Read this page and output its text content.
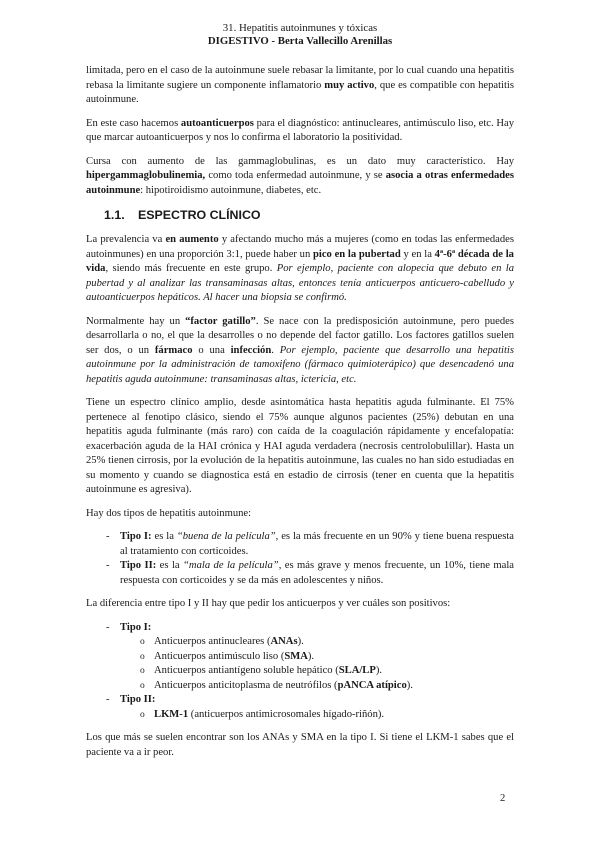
31. Hepatitis autoinmunes y tóxicas
DIGESTIVO - Berta Vallecillo Arenillas

limitada, pero en el caso de la autoinmune suele rebasar la limitante, por lo cual cuando una hepatitis rebasa la limitante sugiere un componente inflamatorio muy activo, que es compatible con hepatitis autoinmune.

En este caso hacemos autoanticuerpos para el diagnóstico: antinucleares, antimúsculo liso, etc. Hay que marcar autoanticuerpos y nos lo confirma el laboratorio la positividad.

Cursa con aumento de las gammaglobulinas, es un dato muy característico. Hay hipergammaglobulinemia, como toda enfermedad autoinmune, y se asocia a otras enfermedades autoinmune: hipotiroidismo autoinmune, diabetes, etc.

1.1. ESPECTRO CLÍNICO

La prevalencia va en aumento y afectando mucho más a mujeres (como en todas las enfermedades autoinmunes) en una proporción 3:1, puede haber un pico en la pubertad y en la 4ª-6ª década de la vida, siendo más frecuente en este grupo. Por ejemplo, paciente con alopecia que debuto en la pubertad y al analizar las transaminasas altas, entonces tenía anticuerpos anticuero-cabelludo y autoanticuerpos hepáticos. Al hacer una biopsia se confirmó.

Normalmente hay un “factor gatillo”. Se nace con la predisposición autoinmune, pero puedes desarrollarla o no, el que la desarrolles o no depende del factor gatillo. Los factores gatillos suelen ser dos, o un fármaco o una infección. Por ejemplo, paciente que desarrollo una hepatitis autoinmune por la administración de tamoxifeno (fármaco quimioterápico) que desencadenó una hepatitis aguda autoinmune: transaminasas altas, ictericia, etc.

Tiene un espectro clínico amplio, desde asintomática hasta hepatitis aguda fulminante. El 75% pertenece al fenotipo clásico, siendo el 75% aunque algunos pacientes (25%) debutan en una hepatitis aguda fulminante (más raro) con caída de la coagulación rápidamente y encefalopatía: exacerbación aguda de la HAI crónica y HAI aguda verdadera (necrosis centrolobulillar). Hasta un 25% tienen cirrosis, por la evolución de la hepatitis autoinmune, las cuales no han sido estudiadas en su momento y cuando se diagnostica está en estadio de cirrosis (tener en cuenta que la hepatitis autoinmune es agresiva).

Hay dos tipos de hepatitis autoinmune:

- Tipo I: es la “buena de la película”, es la más frecuente en un 90% y tiene buena respuesta al tratamiento con corticoides.
- Tipo II: es la “mala de la película”, es más grave y menos frecuente, un 10%, tiene mala respuesta con corticoides y se da más en adolescentes y niños.

La diferencia entre tipo I y II hay que pedir los anticuerpos y ver cuáles son positivos:

- Tipo I:
o Anticuerpos antinucleares (ANAs).
o Anticuerpos antimúsculo liso (SMA).
o Anticuerpos antiantígeno soluble hepático (SLA/LP).
o Anticuerpos anticitoplasma de neutrófilos (pANCA atípico).
- Tipo II:
o LKM-1 (anticuerpos antimicrosomales hígado-riñón).

Los que más se suelen encontrar son los ANAs y SMA en la tipo I. Si tiene el LKM-1 sabes que el paciente va a ir peor.

2
